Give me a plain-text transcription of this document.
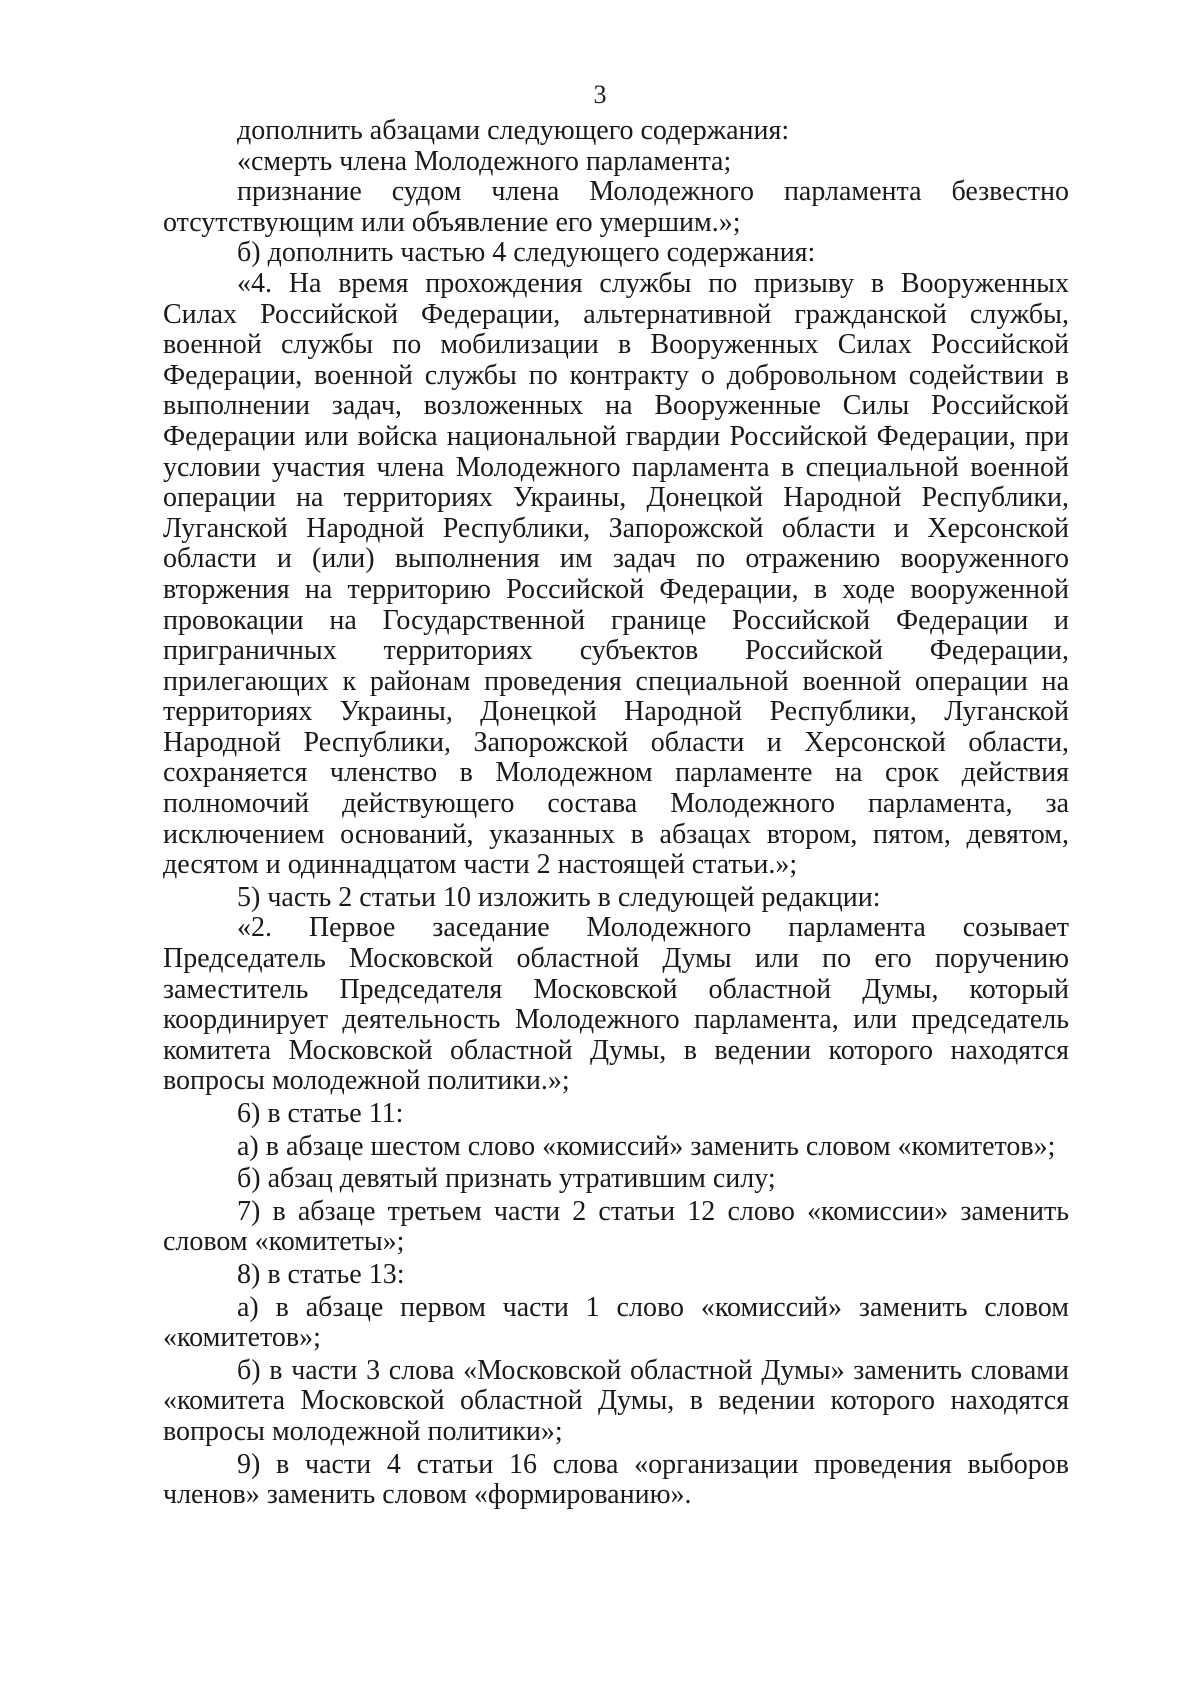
3

дополнить абзацами следующего содержания:

«смерть члена Молодежного парламента;

признание судом члена Молодежного парламента безвестно отсутствующим или объявление его умершим.»;

б) дополнить частью 4 следующего содержания:

«4. На время прохождения службы по призыву в Вооруженных Силах Российской Федерации, альтернативной гражданской службы, военной службы по мобилизации в Вооруженных Силах Российской Федерации, военной службы по контракту о добровольном содействии в выполнении задач, возложенных на Вооруженные Силы Российской Федерации или войска национальной гвардии Российской Федерации, при условии участия члена Молодежного парламента в специальной военной операции на территориях Украины, Донецкой Народной Республики, Луганской Народной Республики, Запорожской области и Херсонской области и (или) выполнения им задач по отражению вооруженного вторжения на территорию Российской Федерации, в ходе вооруженной провокации на Государственной границе Российской Федерации и приграничных территориях субъектов Российской Федерации, прилегающих к районам проведения специальной военной операции на территориях Украины, Донецкой Народной Республики, Луганской Народной Республики, Запорожской области и Херсонской области, сохраняется членство в Молодежном парламенте на срок действия полномочий действующего состава Молодежного парламента, за исключением оснований, указанных в абзацах втором, пятом, девятом, десятом и одиннадцатом части 2 настоящей статьи.»;

5) часть 2 статьи 10 изложить в следующей редакции:

«2. Первое заседание Молодежного парламента созывает Председатель Московской областной Думы или по его поручению заместитель Председателя Московской областной Думы, который координирует деятельность Молодежного парламента, или председатель комитета Московской областной Думы, в ведении которого находятся вопросы молодежной политики.»;

6) в статье 11:

а) в абзаце шестом слово «комиссий» заменить словом «комитетов»;

б) абзац девятый признать утратившим силу;

7) в абзаце третьем части 2 статьи 12 слово «комиссии» заменить словом «комитеты»;

8) в статье 13:

а) в абзаце первом части 1 слово «комиссий» заменить словом «комитетов»;

б) в части 3 слова «Московской областной Думы» заменить словами «комитета Московской областной Думы, в ведении которого находятся вопросы молодежной политики»;

9) в части 4 статьи 16 слова «организации проведения выборов членов» заменить словом «формированию».
